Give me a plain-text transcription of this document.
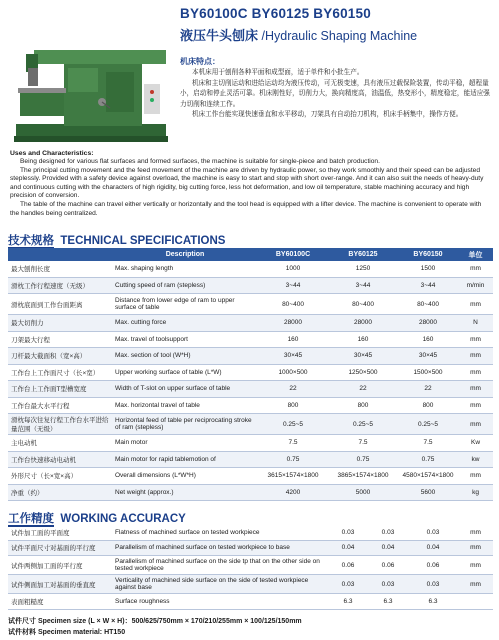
BY60100C BY60125 BY60150
液压牛头刨床 /Hydraulic Shaping Machine
机床特点：

本机床用于刨削各种平面和成型面，适于单件和小批生产。

机床和主切削运动和进给运动均为液压传动，可无极变速，具有液压过载保险装置，传动平稳，超程量小，启动和停止灵活可靠。机床刚性好，切削力大，换向精度高，油温低，热变形小，精度稳定，能适应强力切削和连续工作。

机床工作台能实现快速垂直和水平移动，刀架具有自动抬刀机构，机床手柄集中，操作方便。

Uses and Characteristics:

Being designed for various flat surfaces and formed surfaces, the machine is suitable for single-piece and batch production.

The principal cutting movement and the feed movement of the machine are driven by hydraulic power, so they work smoothly and their speed can be adjusted steplessly. Provided with a safety device against overload, the machine is easy to start and stop with short over-range. And it can also suit the needs of heavy-duty and continuous cutting with the characters of high rigidity, big cutting force, less hot deformation, and low oil temperature, stable machining accuracy and high precision of conversion.

The table of the machine can travel either vertically or horizontally and the tool head is equipped with a lifter device. The machine is convenient to operate with the handles being centralized.

技术规格 TECHNICAL SPECIFICATIONS
	Description	BY60100C	BY60125	BY60150	单位
最大刨削长度	Max. shaping length	1000	1250	1500	mm
滑枕工作行程速度（无级）	Cutting speed of ram (stepless)	3~44	3~44	3~44	m/min
滑枕底面到工作台面距离	Distance from lower edge of ram to upper surface of table	80~400	80~400	80~400	mm
最大切削力	Max. cutting force	28000	28000	28000	N
刀架最大行程	Max. travel of toolsupport	160	160	160	mm
刀杆最大截面积（宽×高）	Max. section of tool (W*H)	30×45	30×45	30×45	mm
工作台上工作面尺寸（长×宽）	Upper working surface of table (L*W)	1000×500	1250×500	1500×500	mm
工作台上工作面T型槽宽度	Width of T-slot on upper surface of table	22	22	22	mm
工作台最大水平行程	Max. horizontal travel of table	800	800	800	mm
滑枕每次往复行程工作台水平进给量范围（无级）	Horizontal feed of table per reciprocating stroke of ram (stepless)	0.25~5	0.25~5	0.25~5	mm
主电动机	Main motor	7.5	7.5	7.5	Kw
工作台快速移动电动机	Main motor for rapid tablemotion of	0.75	0.75	0.75	kw
外形尺寸（长×宽×高）	Overall dimensions (L*W*H)	3615×1574×1800	3865×1574×1800	4580×1574×1800	mm
净重（约）	Net weight (approx.)	4200	5000	5600	kg
工作精度 WORKING ACCURACY
试件加工面的平面度	Flatness of machined surface on tested workpiece	0.03	0.03	0.03	mm
试件平面尺寸对基面的平行度	Parallelism of machined surface on tested workpiece to base	0.04	0.04	0.04	mm
试件两侧加工面的平行度	Parallelism of machined surface on the side tp that on the other side on tested workpiece	0.06	0.06	0.06	mm
试件侧面加工对基面的垂直度	Verticality of machined side surface on the side of tested workpiece against base	0.03	0.03	0.03	mm
表面粗糙度	Surface roughness	6.3	6.3	6.3	
试件尺寸 Specimen size (L × W × H)：500/625/750mm × 170/210/255mm × 100/125/150mm
试件材料 Specimen material: HT150
